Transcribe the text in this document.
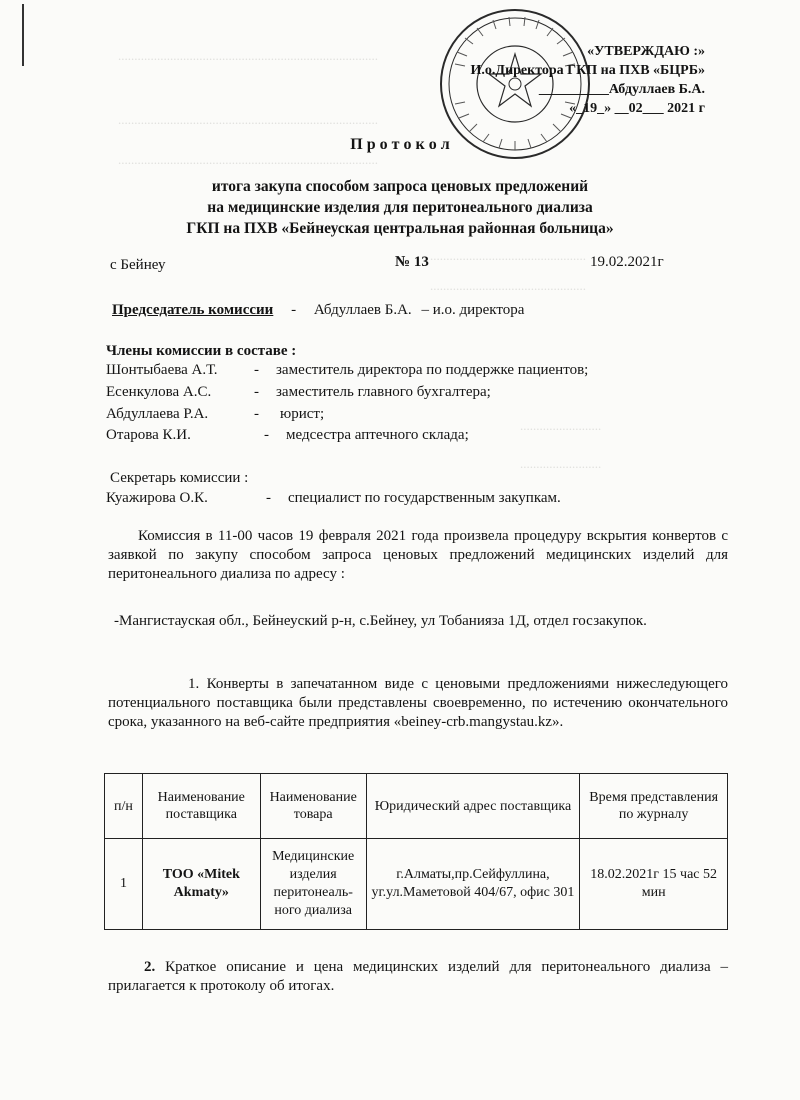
................................................................................
................................................................................
................................................................................
................................................
................................................
.........................
.........................
«УТВЕРЖДАЮ :»
И.о.Директора ГКП на ПХВ «БЦРБ»
__________Абдуллаев Б.А.
«_19_» __02___ 2021 г
П р о т о к о л
итога закупа способом запроса ценовых предложений
на медицинские изделия для перитонеального диализа
ГКП на ПХВ «Бейнеуская центральная районная больница»
с Бейнеу	№ 13	19.02.2021г
Председатель комиссии - Абдуллаев Б.А. – и.о. директора
Члены комиссии в составе :
Шонтыбаева А.Т. - заместитель директора по поддержке пациентов;
Есенкулова А.С.	- заместитель главного бухгалтера;
Абдуллаева Р.А.	- юрист;
Отарова К.И.	- медсестра аптечного склада;
Секретарь комиссии :
Куажирова О.К.	- специалист по государственным закупкам.
Комиссия в 11-00 часов 19 февраля 2021 года произвела процедуру вскрытия конвертов с заявкой по закупу способом запроса ценовых предложений медицинских изделий для перитонеального диализа по адресу :
-Мангистауская обл., Бейнеуский р-н, с.Бейнеу, ул Тобанияза 1Д, отдел госзакупок.
1. Конверты в запечатанном виде с ценовыми предложениями нижеследующего потенциального поставщика были представлены своевременно, по истечению окончательного срока, указанного на веб-сайте предприятия «beiney-crb.mangystau.kz».
п/н	Наименование поставщика	Наименование товара	Юридический адрес поставщика	Время представления по журналу
1	ТОО «Mitek Akmaty»	Медицинские изделия перитонеаль-ного диализа	г.Алматы,пр.Сейфуллина, уг.ул.Маметовой 404/67, офис 301	18.02.2021г 15 час 52 мин
2. Краткое описание и цена медицинских изделий для перитонеального диализа – прилагается к протоколу об итогах.
